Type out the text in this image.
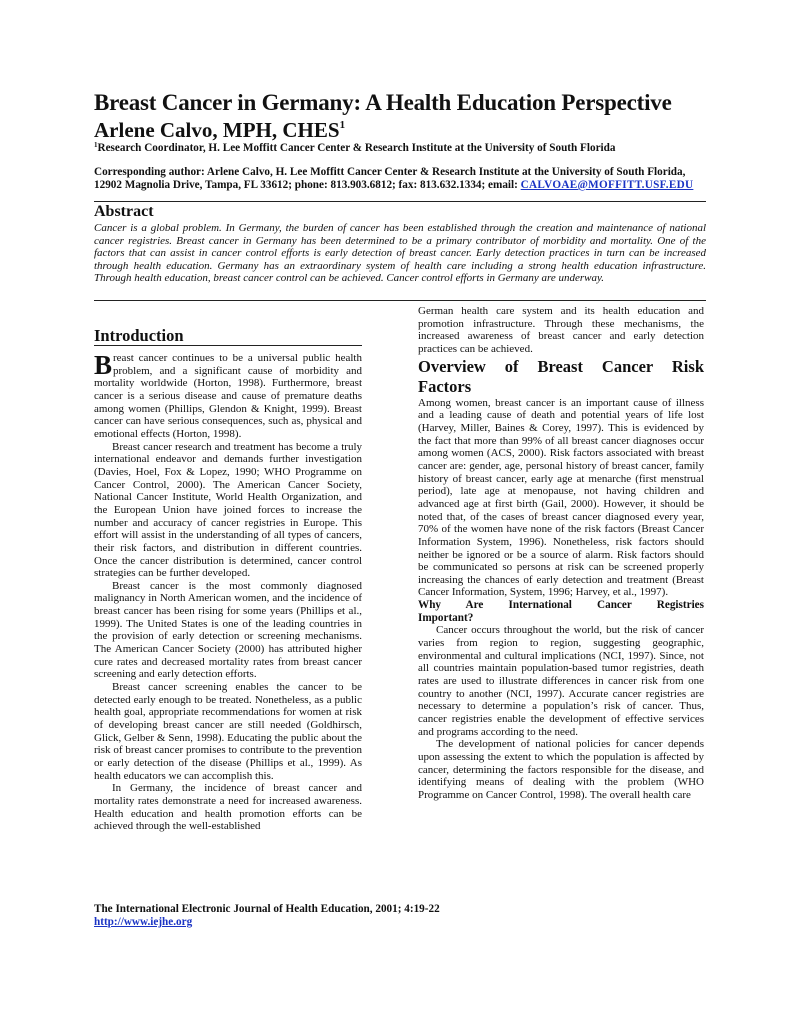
Breast Cancer in Germany: A Health Education Perspective
Arlene Calvo, MPH, CHES$^1$
$^1$Research Coordinator, H. Lee Moffitt Cancer Center & Research Institute at the University of South Florida
Corresponding author: Arlene Calvo, H. Lee Moffitt Cancer Center & Research Institute at the University of South Florida, 12902 Magnolia Drive, Tampa, FL 33612; phone: 813.903.6812; fax: 813.632.1334; email: CALVOAE@MOFFITT.USF.EDU
Abstract
Cancer is a global problem. In Germany, the burden of cancer has been established through the creation and maintenance of national cancer registries. Breast cancer in Germany has been determined to be a primary contributor of morbidity and mortality. One of the factors that can assist in cancer control efforts is early detection of breast cancer. Early detection practices in turn can be increased through health education. Germany has an extraordinary system of health care including a strong health education infrastructure. Through health education, breast cancer control can be achieved. Cancer control efforts in Germany are underway.
Introduction

Breast cancer continues to be a universal public health problem, and a significant cause of morbidity and mortality worldwide (Horton, 1998). Furthermore, breast cancer is a serious disease and cause of premature deaths among women (Phillips, Glendon & Knight, 1999). Breast cancer can have serious consequences, such as, physical and emotional effects (Horton, 1998).

Breast cancer research and treatment has become a truly international endeavor and demands further investigation (Davies, Hoel, Fox & Lopez, 1990; WHO Programme on Cancer Control, 2000). The American Cancer Society, National Cancer Institute, World Health Organization, and the European Union have joined forces to increase the number and accuracy of cancer registries in Europe. This effort will assist in the understanding of all types of cancers, their risk factors, and distribution in different countries. Once the cancer distribution is determined, cancer control strategies can be further developed.

Breast cancer is the most commonly diagnosed malignancy in North American women, and the incidence of breast cancer has been rising for some years (Phillips et al., 1999). The United States is one of the leading countries in the provision of early detection or screening mechanisms. The American Cancer Society (2000) has attributed higher cure rates and decreased mortality rates from breast cancer screening and early detection efforts.

Breast cancer screening enables the cancer to be detected early enough to be treated. Nonetheless, as a public health goal, appropriate recommendations for women at risk of developing breast cancer are still needed (Goldhirsch, Glick, Gelber & Senn, 1998). Educating the public about the risk of breast cancer promises to contribute to the prevention or early detection of the disease (Phillips et al., 1999). As health educators we can accomplish this.

In Germany, the incidence of breast cancer and mortality rates demonstrate a need for increased awareness. Health education and health promotion efforts can be achieved through the well-established

German health care system and its health education and promotion infrastructure. Through these mechanisms, the increased awareness of breast cancer and early detection practices can be achieved.

Overview of Breast Cancer Risk
Factors

Among women, breast cancer is an important cause of illness and a leading cause of death and potential years of life lost (Harvey, Miller, Baines & Corey, 1997). This is evidenced by the fact that more than 99% of all breast cancer diagnoses occur among women (ACS, 2000). Risk factors associated with breast cancer are: gender, age, personal history of breast cancer, family history of breast cancer, early age at menarche (first menstrual period), late age at menopause, not having children and advanced age at first birth (Gail, 2000). However, it should be noted that, of the cases of breast cancer diagnosed every year, 70% of the women have none of the risk factors (Breast Cancer Information System, 1996). Nonetheless, risk factors should neither be ignored or be a source of alarm. Risk factors should be communicated so persons at risk can be screened properly increasing the chances of early detection and treatment (Breast Cancer Information, System, 1996; Harvey, et al., 1997).

Why Are International Cancer Registries
Important?

Cancer occurs throughout the world, but the risk of cancer varies from region to region, suggesting geographic, environmental and cultural implications (NCI, 1997). Since, not all countries maintain population-based tumor registries, death rates are used to illustrate differences in cancer risk from one country to another (NCI, 1997). Accurate cancer registries are necessary to determine a population’s risk of cancer. Thus, cancer registries enable the development of effective services and programs according to the need.

The development of national policies for cancer depends upon assessing the extent to which the population is affected by cancer, determining the factors responsible for the disease, and identifying means of dealing with the problem (WHO Programme on Cancer Control, 1998). The overall health care

The International Electronic Journal of Health Education, 2001; 4:19-22
http://www.iejhe.org
